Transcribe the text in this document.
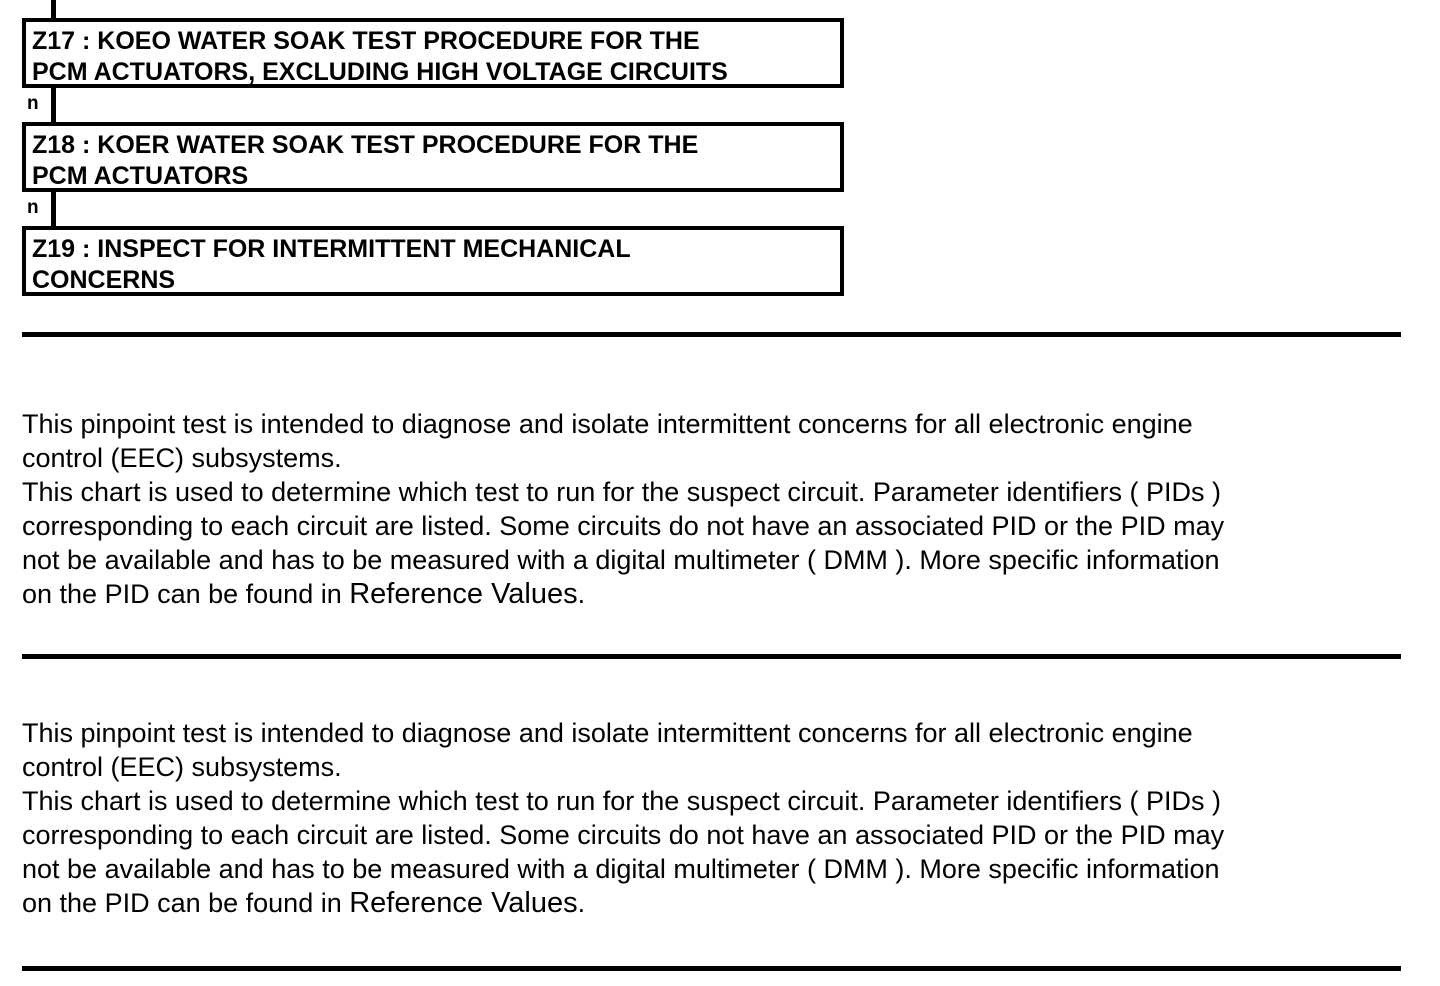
n
n
Z17 : KOEO WATER SOAK TEST PROCEDURE FOR THE
PCM ACTUATORS, EXCLUDING HIGH VOLTAGE CIRCUITS
Z18 : KOER WATER SOAK TEST PROCEDURE FOR THE
PCM ACTUATORS
Z19 : INSPECT FOR INTERMITTENT MECHANICAL
CONCERNS

This pinpoint test is intended to diagnose and isolate intermittent concerns for all electronic engine
control (EEC) subsystems.
This chart is used to determine which test to run for the suspect circuit. Parameter identifiers ( PIDs )
corresponding to each circuit are listed. Some circuits do not have an associated PID or the PID may
not be available and has to be measured with a digital multimeter ( DMM ). More specific information
on the PID can be found in Reference Values.

This pinpoint test is intended to diagnose and isolate intermittent concerns for all electronic engine
control (EEC) subsystems.
This chart is used to determine which test to run for the suspect circuit. Parameter identifiers ( PIDs )
corresponding to each circuit are listed. Some circuits do not have an associated PID or the PID may
not be available and has to be measured with a digital multimeter ( DMM ). More specific information
on the PID can be found in Reference Values.
